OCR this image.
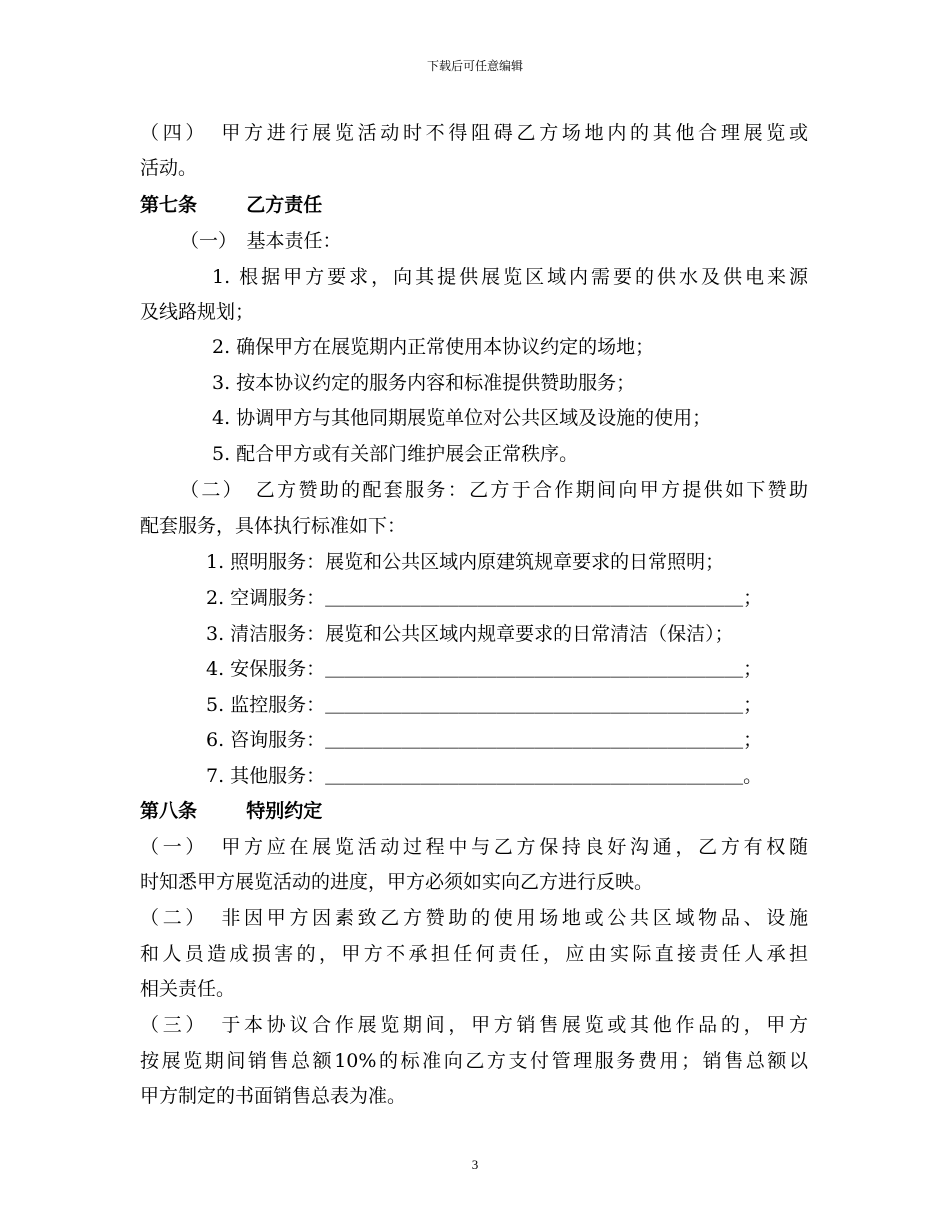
下载后可任意编辑
（四）　甲方进行展览活动时不得阻碍乙方场地内的其他合理展览或
活动。
第七条	乙方责任
（一）　基本责任：
1. 根据甲方要求，向其提供展览区域内需要的供水及供电来源
及线路规划；
2. 确保甲方在展览期内正常使用本协议约定的场地；
3. 按本协议约定的服务内容和标准提供赞助服务；
4. 协调甲方与其他同期展览单位对公共区域及设施的使用；
5. 配合甲方或有关部门维护展会正常秩序。
（二）　乙方赞助的配套服务：乙方于合作期间向甲方提供如下赞助
配套服务，具体执行标准如下：
1. 照明服务：展览和公共区域内原建筑规章要求的日常照明；
2. 空调服务：＿＿＿＿＿＿＿＿＿＿＿＿＿＿＿＿＿＿＿＿＿＿；
3. 清洁服务：展览和公共区域内规章要求的日常清洁（保洁）；
4. 安保服务：＿＿＿＿＿＿＿＿＿＿＿＿＿＿＿＿＿＿＿＿＿＿；
5. 监控服务：＿＿＿＿＿＿＿＿＿＿＿＿＿＿＿＿＿＿＿＿＿＿；
6. 咨询服务：＿＿＿＿＿＿＿＿＿＿＿＿＿＿＿＿＿＿＿＿＿＿；
7. 其他服务：＿＿＿＿＿＿＿＿＿＿＿＿＿＿＿＿＿＿＿＿＿＿。
第八条	特别约定
（一）　甲方应在展览活动过程中与乙方保持良好沟通，乙方有权随
时知悉甲方展览活动的进度，甲方必须如实向乙方进行反映。
（二）　非因甲方因素致乙方赞助的使用场地或公共区域物品、设施
和人员造成损害的，甲方不承担任何责任，应由实际直接责任人承担
相关责任。
（三）　于本协议合作展览期间，甲方销售展览或其他作品的，甲方
按展览期间销售总额10%的标准向乙方支付管理服务费用；销售总额以
甲方制定的书面销售总表为准。
3
